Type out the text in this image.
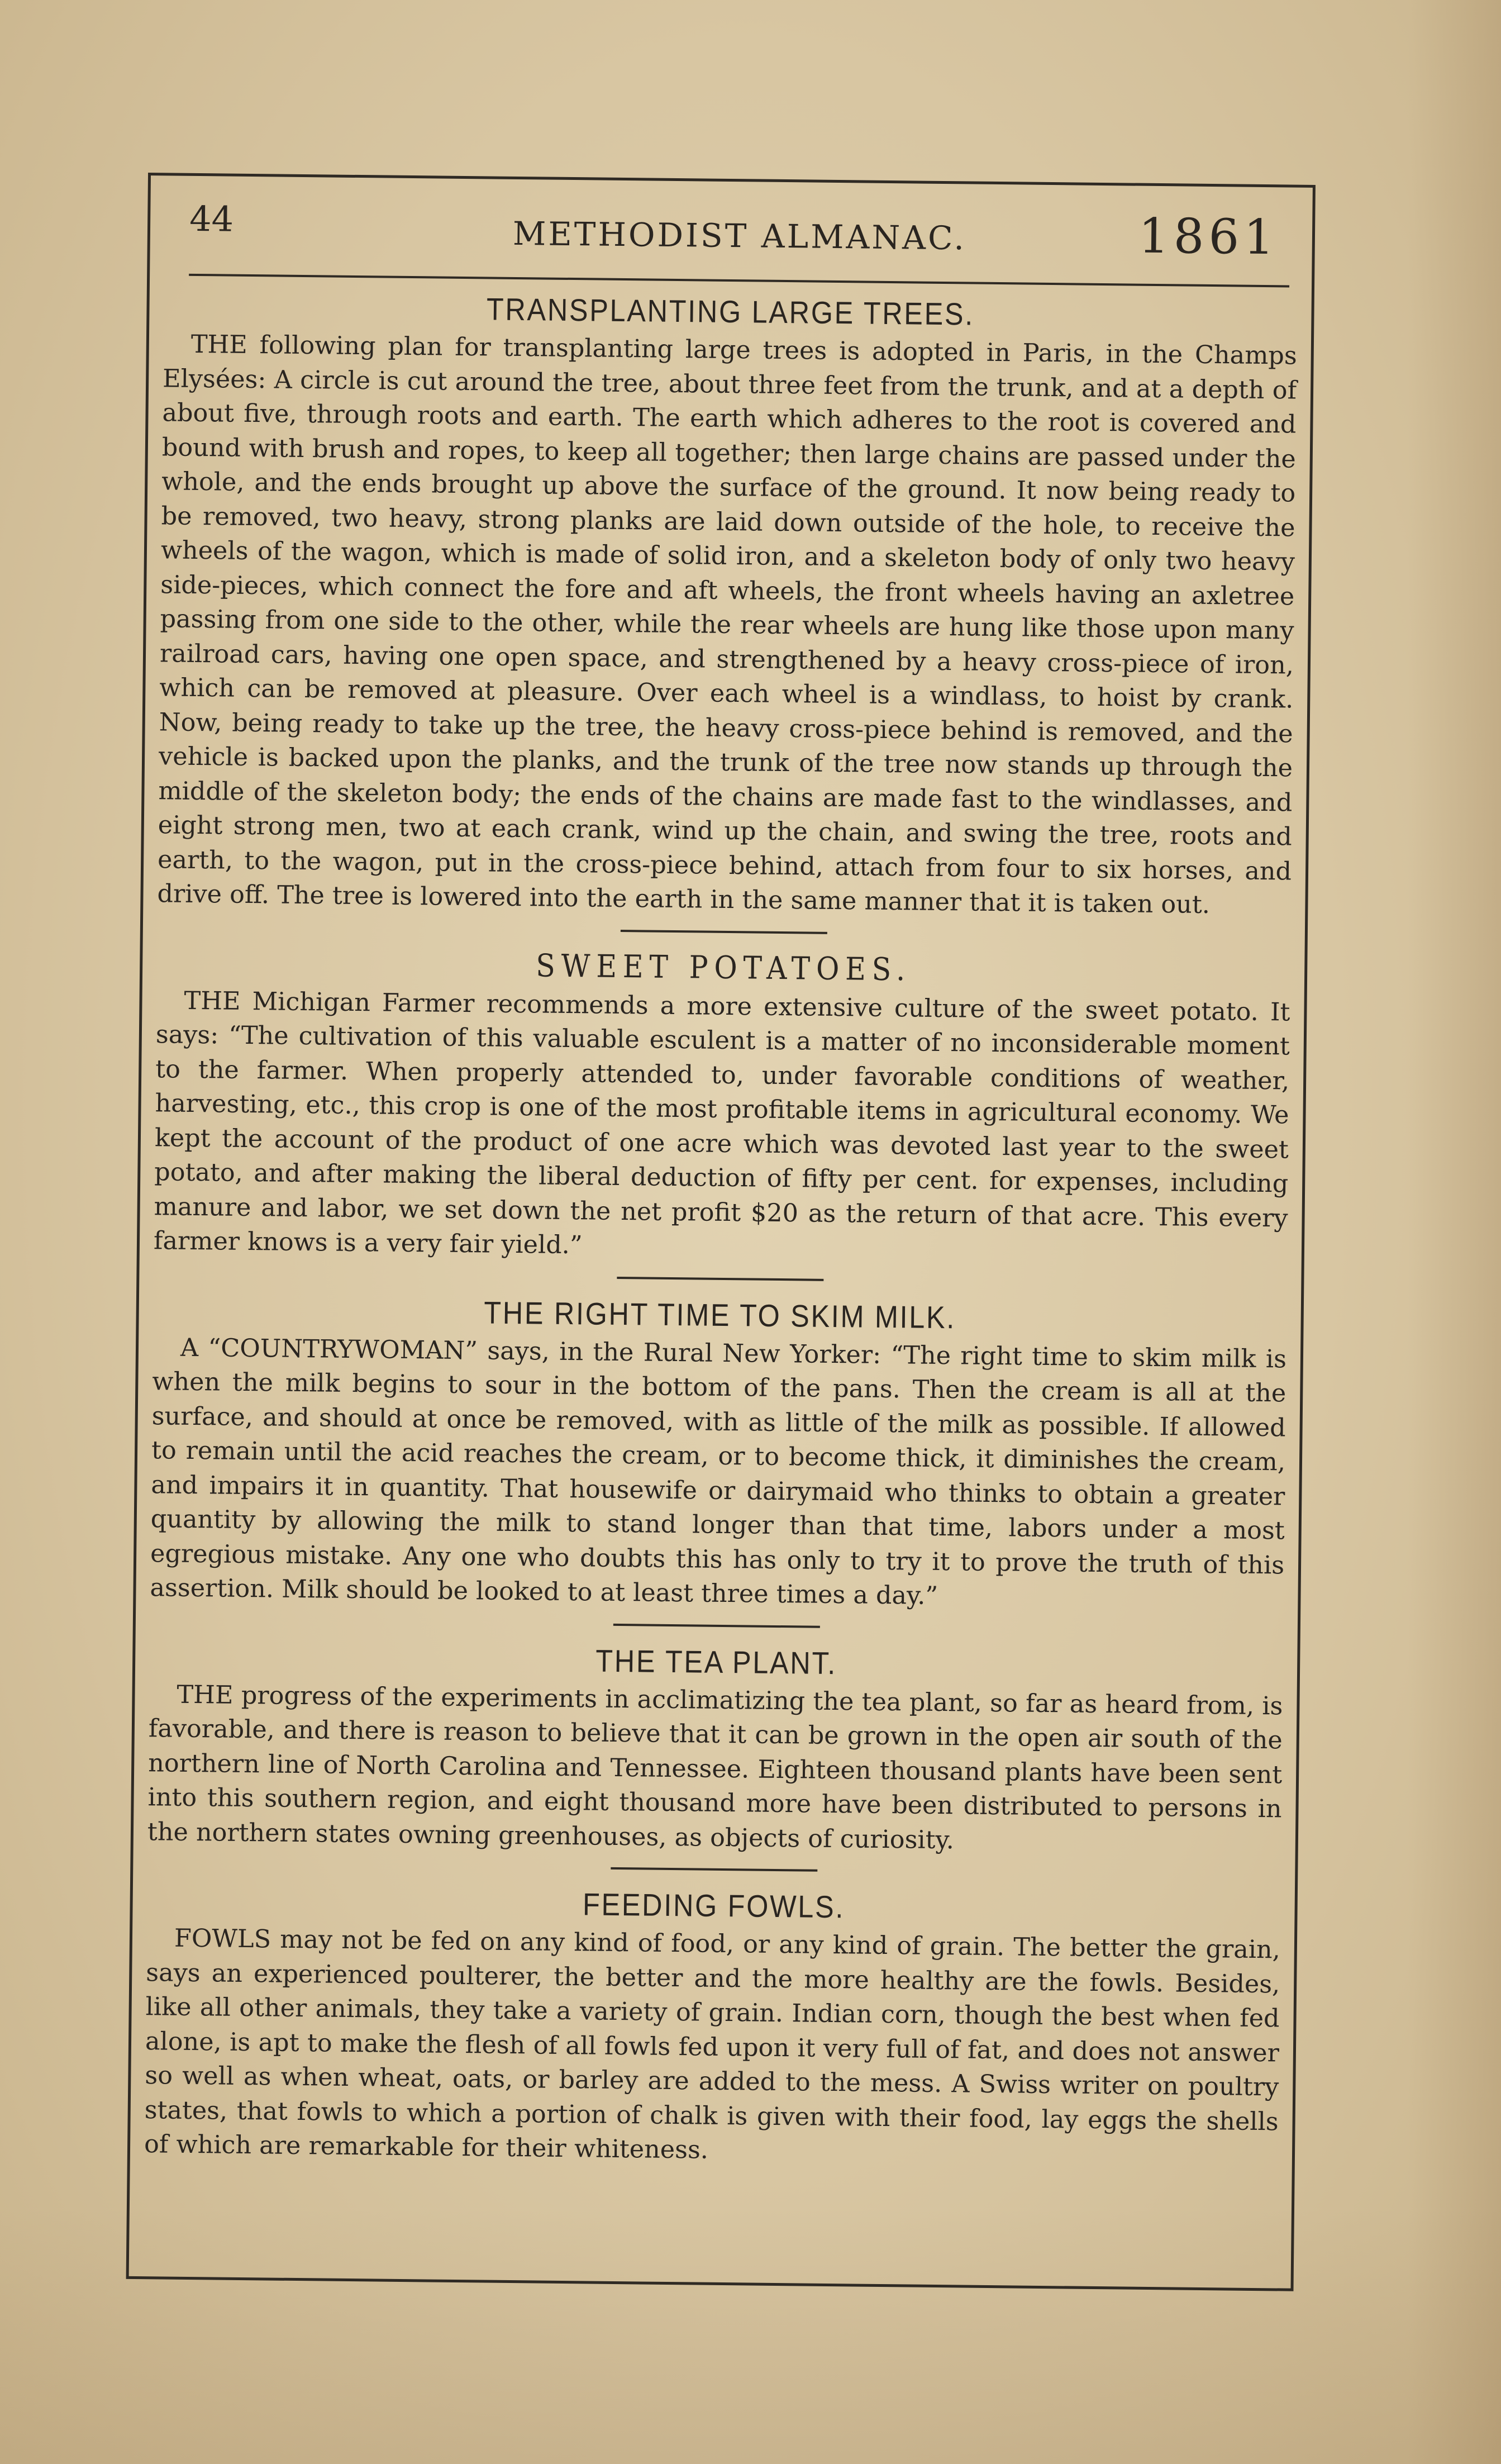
44	METHODIST ALMANAC.	1861
TRANSPLANTING LARGE TREES.

THE following plan for transplanting large trees is adopted in Paris, in the Champs Elysées: A circle is cut around the tree, about three feet from the trunk, and at a depth of about five, through roots and earth. The earth which adheres to the root is covered and bound with brush and ropes, to keep all together; then large chains are passed under the whole, and the ends brought up above the surface of the ground. It now being ready to be removed, two heavy, strong planks are laid down outside of the hole, to receive the wheels of the wagon, which is made of solid iron, and a skeleton body of only two heavy side-pieces, which connect the fore and aft wheels, the front wheels having an axletree passing from one side to the other, while the rear wheels are hung like those upon many railroad cars, having one open space, and strengthened by a heavy cross-piece of iron, which can be removed at pleasure. Over each wheel is a windlass, to hoist by crank. Now, being ready to take up the tree, the heavy cross-piece behind is removed, and the vehicle is backed upon the planks, and the trunk of the tree now stands up through the middle of the skeleton body; the ends of the chains are made fast to the windlasses, and eight strong men, two at each crank, wind up the chain, and swing the tree, roots and earth, to the wagon, put in the cross-piece behind, attach from four to six horses, and drive off. The tree is lowered into the earth in the same manner that it is taken out.

SWEET POTATOES.

THE Michigan Farmer recommends a more extensive culture of the sweet potato. It says: “The cultivation of this valuable esculent is a matter of no inconsiderable moment to the farmer. When properly attended to, under favorable conditions of weather, harvesting, etc., this crop is one of the most profitable items in agricultural economy. We kept the account of the product of one acre which was devoted last year to the sweet potato, and after making the liberal deduction of fifty per cent. for expenses, including manure and labor, we set down the net profit $20 as the return of that acre. This every farmer knows is a very fair yield.”

THE RIGHT TIME TO SKIM MILK.

A “COUNTRYWOMAN” says, in the Rural New Yorker: “The right time to skim milk is when the milk begins to sour in the bottom of the pans. Then the cream is all at the surface, and should at once be removed, with as little of the milk as possible. If allowed to remain until the acid reaches the cream, or to become thick, it diminishes the cream, and impairs it in quantity. That housewife or dairymaid who thinks to obtain a greater quantity by allowing the milk to stand longer than that time, labors under a most egregious mistake. Any one who doubts this has only to try it to prove the truth of this assertion. Milk should be looked to at least three times a day.”

THE TEA PLANT.

THE progress of the experiments in acclimatizing the tea plant, so far as heard from, is favorable, and there is reason to believe that it can be grown in the open air south of the northern line of North Carolina and Tennessee. Eighteen thousand plants have been sent into this southern region, and eight thousand more have been distributed to persons in the northern states owning greenhouses, as objects of curiosity.

FEEDING FOWLS.

FOWLS may not be fed on any kind of food, or any kind of grain. The better the grain, says an experienced poulterer, the better and the more healthy are the fowls. Besides, like all other animals, they take a variety of grain. Indian corn, though the best when fed alone, is apt to make the flesh of all fowls fed upon it very full of fat, and does not answer so well as when wheat, oats, or barley are added to the mess. A Swiss writer on poultry states, that fowls to which a portion of chalk is given with their food, lay eggs the shells of which are remarkable for their whiteness.
